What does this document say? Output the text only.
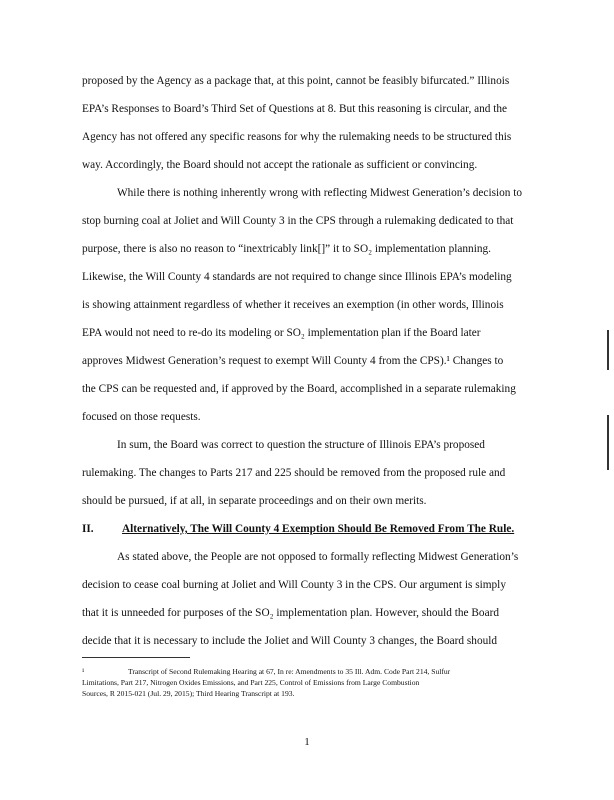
proposed by the Agency as a package that, at this point, cannot be feasibly bifurcated.” Illinois
EPA’s Responses to Board’s Third Set of Questions at 8. But this reasoning is circular, and the
Agency has not offered any specific reasons for why the rulemaking needs to be structured this
way. Accordingly, the Board should not accept the rationale as sufficient or convincing.
While there is nothing inherently wrong with reflecting Midwest Generation’s decision to
stop burning coal at Joliet and Will County 3 in the CPS through a rulemaking dedicated to that
purpose, there is also no reason to “inextricably link[]” it to SO₂ implementation planning.
Likewise, the Will County 4 standards are not required to change since Illinois EPA’s modeling
is showing attainment regardless of whether it receives an exemption (in other words, Illinois
EPA would not need to re-do its modeling or SO₂ implementation plan if the Board later
approves Midwest Generation’s request to exempt Will County 4 from the CPS).¹ Changes to
the CPS can be requested and, if approved by the Board, accomplished in a separate rulemaking
focused on those requests.
In sum, the Board was correct to question the structure of Illinois EPA’s proposed
rulemaking. The changes to Parts 217 and 225 should be removed from the proposed rule and
should be pursued, if at all, in separate proceedings and on their own merits.
II.	Alternatively, The Will County 4 Exemption Should Be Removed From The Rule.
As stated above, the People are not opposed to formally reflecting Midwest Generation’s
decision to cease coal burning at Joliet and Will County 3 in the CPS. Our argument is simply
that it is unneeded for purposes of the SO₂ implementation plan. However, should the Board
decide that it is necessary to include the Joliet and Will County 3 changes, the Board should
¹	Transcript of Second Rulemaking Hearing at 67, In re: Amendments to 35 Ill. Adm. Code Part 214, Sulfur
Limitations, Part 217, Nitrogen Oxides Emissions, and Part 225, Control of Emissions from Large Combustion
Sources, R 2015-021 (Jul. 29, 2015); Third Hearing Transcript at 193.
1
